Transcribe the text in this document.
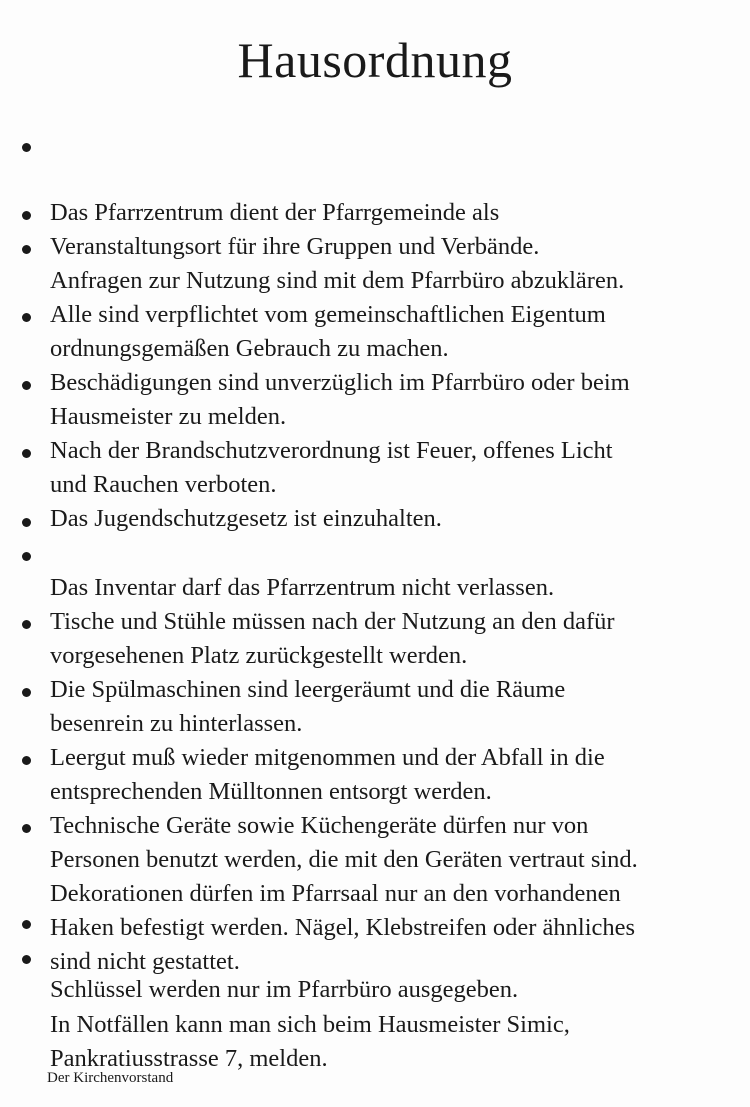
Hausordnung

Das Pfarrzentrum dient der Pfarrgemeinde als
Veranstaltungsort für ihre Gruppen und Verbände.

Anfragen zur Nutzung sind mit dem Pfarrbüro abzuklären.

Alle sind verpflichtet vom gemeinschaftlichen Eigentum
ordnungsgemäßen Gebrauch zu machen.

Beschädigungen sind unverzüglich im Pfarrbüro oder beim
Hausmeister zu melden.

Nach der Brandschutzverordnung ist Feuer, offenes Licht
und Rauchen verboten.

Das Jugendschutzgesetz ist einzuhalten.

Das Inventar darf das Pfarrzentrum nicht verlassen.

Tische und Stühle müssen nach der Nutzung an den dafür
vorgesehenen Platz zurückgestellt werden.

Die Spülmaschinen sind leergeräumt und die Räume
besenrein zu hinterlassen.

Leergut muß wieder mitgenommen und der Abfall in die
entsprechenden Mülltonnen entsorgt werden.

Technische Geräte sowie Küchengeräte dürfen nur von
Personen benutzt werden, die mit den Geräten vertraut sind.

Dekorationen dürfen im Pfarrsaal nur an den vorhandenen
Haken befestigt werden. Nägel, Klebstreifen oder ähnliches
sind nicht gestattet.

Schlüssel werden nur im Pfarrbüro ausgegeben.

In Notfällen kann man sich beim Hausmeister Simic,
Pankratiusstrasse 7, melden.

Der Kirchenvorstand
